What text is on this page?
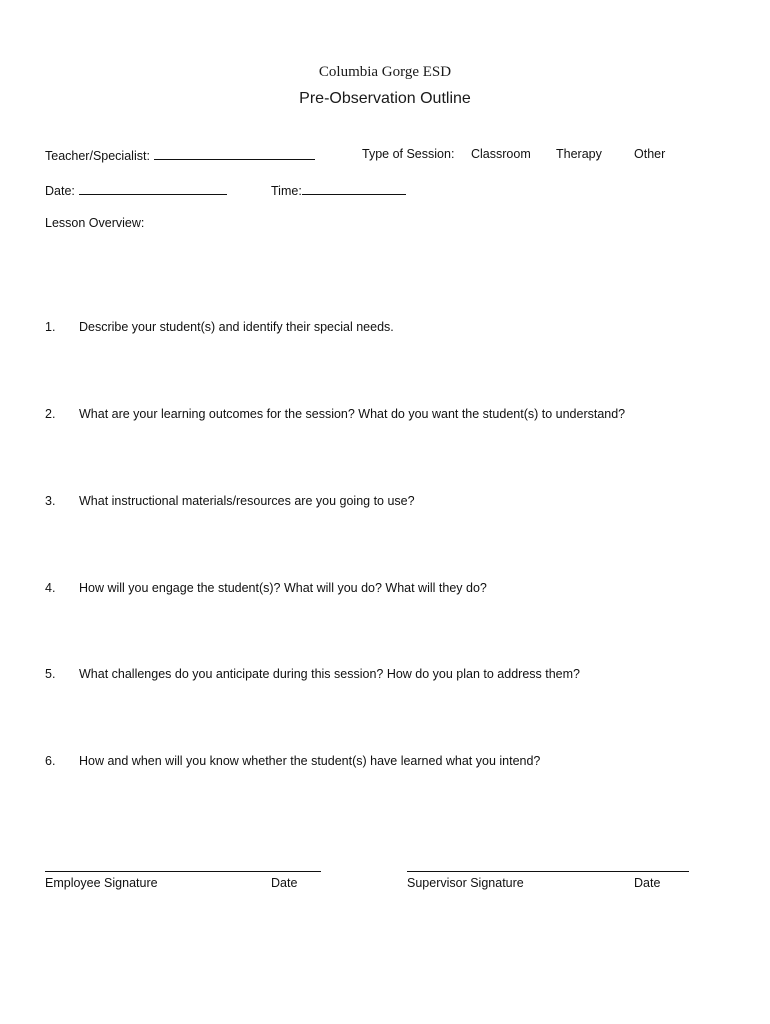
Columbia Gorge ESD
Pre-Observation Outline
Teacher/Specialist:	Type of Session: Classroom Therapy	Other
Date:	Time:
Lesson Overview:
1. Describe your student(s) and identify their special needs.
2. What are your learning outcomes for the session? What do you want the student(s) to understand?
3. What instructional materials/resources are you going to use?
4. How will you engage the student(s)? What will you do? What will they do?
5. What challenges do you anticipate during this session? How do you plan to address them?
6. How and when will you know whether the student(s) have learned what you intend?
Employee Signature	Date	Supervisor Signature	Date
